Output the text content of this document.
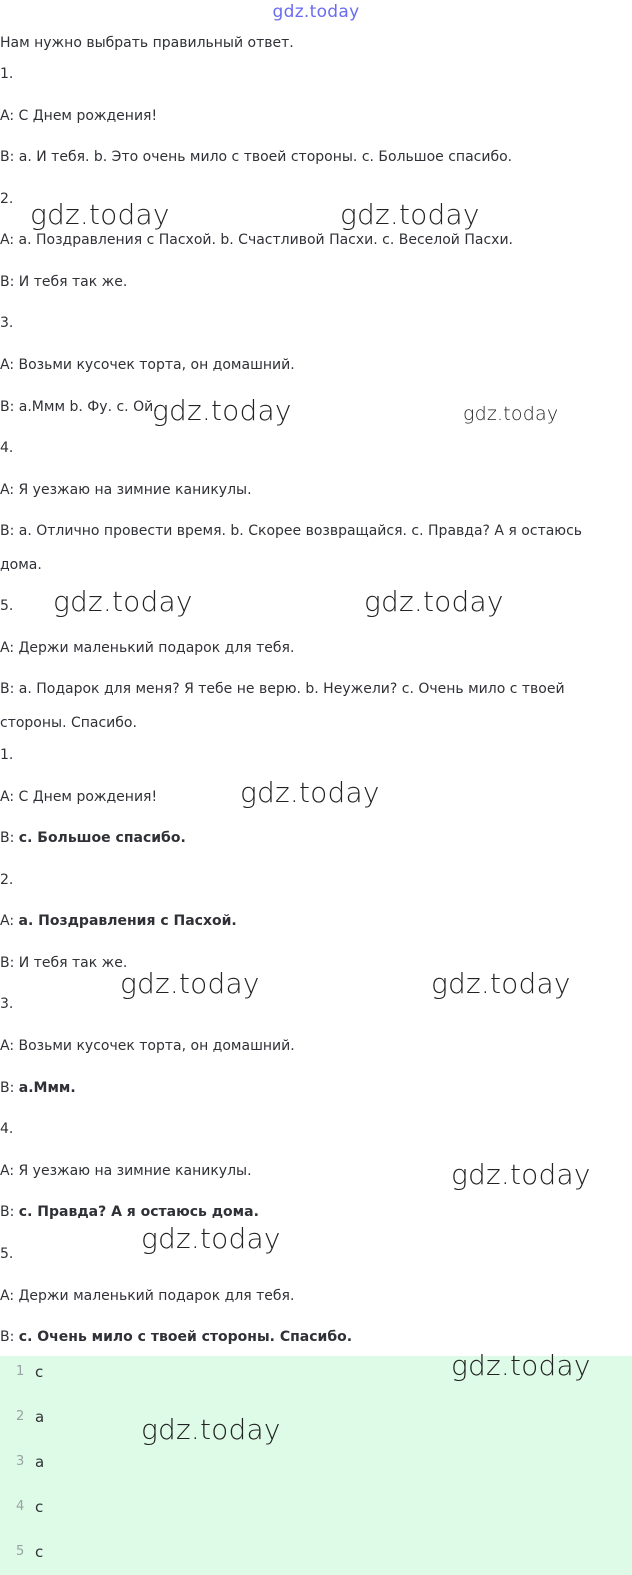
gdz.today
Нам нужно выбрать правильный ответ.
1.
A: С Днем рождения!
B: a. И тебя. b. Это очень мило с твоей стороны. c. Большое спасибо.
2.
A: a. Поздравления с Пасхой. b. Счастливой Пасхи. c. Веселой Пасхи.
B: И тебя так же.
3.
A: Возьми кусочек торта, он домашний.
B: a.Ммм b. Фу. c. Ой.
4.
A: Я уезжаю на зимние каникулы.
B: a. Отлично провести время. b. Скорее возвращайся. c. Правда? А я остаюсь
дома.
5.
A: Держи маленький подарок для тебя.
B: a. Подарок для меня? Я тебе не верю. b. Неужели? c. Очень мило с твоей
стороны. Спасибо.
1.
A: С Днем рождения!
B: c. Большое спасибо.
2.
A: a. Поздравления с Пасхой.
B: И тебя так же.
3.
A: Возьми кусочек торта, он домашний.
B: a.Ммм.
4.
A: Я уезжаю на зимние каникулы.
B: c. Правда? А я остаюсь дома.
5.
A: Держи маленький подарок для тебя.
B: c. Очень мило с твоей стороны. Спасибо.
1 c
2 a
3 a
4 c
5 c
gdz.today	gdz.today
gdz.today	gdz.today
gdz.today	gdz.today
gdz.today
gdz.today	gdz.today
gdz.today
gdz.today
gdz.today
gdz.today
